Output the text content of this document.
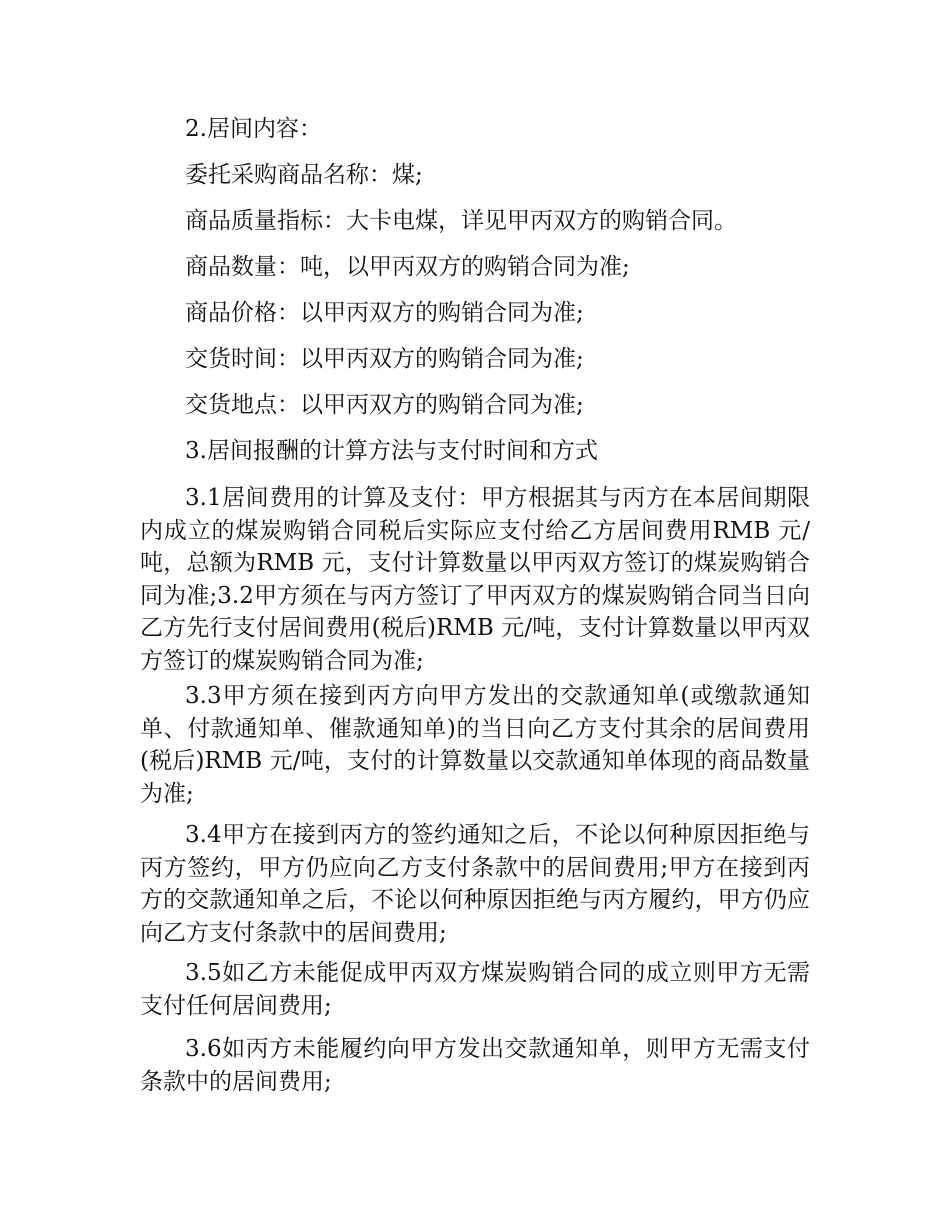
2.居间内容：
委托采购商品名称：煤;
商品质量指标：大卡电煤，详见甲丙双方的购销合同。
商品数量：吨，以甲丙双方的购销合同为准;
商品价格：以甲丙双方的购销合同为准;
交货时间：以甲丙双方的购销合同为准;
交货地点：以甲丙双方的购销合同为准;
3.居间报酬的计算方法与支付时间和方式
3.1居间费用的计算及支付：甲方根据其与丙方在本居间期限内成立的煤炭购销合同税后实际应支付给乙方居间费用RMB 元/吨，总额为RMB 元，支付计算数量以甲丙双方签订的煤炭购销合同为准;3.2甲方须在与丙方签订了甲丙双方的煤炭购销合同当日向乙方先行支付居间费用(税后)RMB 元/吨，支付计算数量以甲丙双方签订的煤炭购销合同为准;
3.3甲方须在接到丙方向甲方发出的交款通知单(或缴款通知单、付款通知单、催款通知单)的当日向乙方支付其余的居间费用(税后)RMB 元/吨，支付的计算数量以交款通知单体现的商品数量为准;
3.4甲方在接到丙方的签约通知之后，不论以何种原因拒绝与丙方签约，甲方仍应向乙方支付条款中的居间费用;甲方在接到丙方的交款通知单之后，不论以何种原因拒绝与丙方履约，甲方仍应向乙方支付条款中的居间费用;
3.5如乙方未能促成甲丙双方煤炭购销合同的成立则甲方无需支付任何居间费用;
3.6如丙方未能履约向甲方发出交款通知单，则甲方无需支付条款中的居间费用;
